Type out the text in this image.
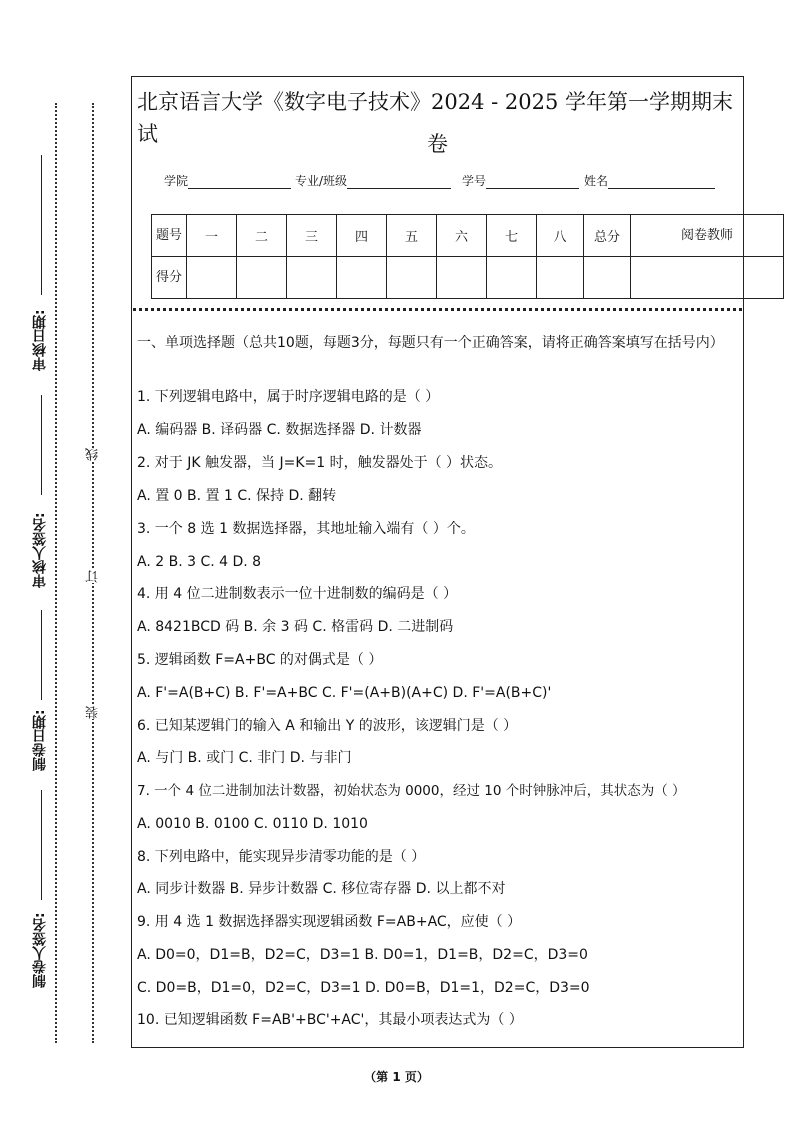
审核日期:
审核人签名:
制卷日期:
制卷人签名:
线
订
装
北京语言大学《数字电子技术》2024 - 2025 学年第一学期期末试	卷
学院	专业/班级	学号	姓名
题号	一	二	三	四	五	六	七	八	总分	阅卷教师
得分										
一、单项选择题（总共10题，每题3分，每题只有一个正确答案，请将正确答案填写在括号内）
1. 下列逻辑电路中，属于时序逻辑电路的是（ ）
A. 编码器 B. 译码器 C. 数据选择器 D. 计数器
2. 对于 JK 触发器，当 J=K=1 时，触发器处于（ ）状态。
A. 置 0 B. 置 1 C. 保持 D. 翻转
3. 一个 8 选 1 数据选择器，其地址输入端有（ ）个。
A. 2 B. 3 C. 4 D. 8
4. 用 4 位二进制数表示一位十进制数的编码是（ ）
A. 8421BCD 码 B. 余 3 码 C. 格雷码 D. 二进制码
5. 逻辑函数 F=A+BC 的对偶式是（ ）
A. F'=A(B+C) B. F'=A+BC C. F'=(A+B)(A+C) D. F'=A(B+C)'
6. 已知某逻辑门的输入 A 和输出 Y 的波形，该逻辑门是（ ）
A. 与门 B. 或门 C. 非门 D. 与非门
7. 一个 4 位二进制加法计数器，初始状态为 0000，经过 10 个时钟脉冲后，其状态为（ ）
A. 0010 B. 0100 C. 0110 D. 1010
8. 下列电路中，能实现异步清零功能的是（ ）
A. 同步计数器 B. 异步计数器 C. 移位寄存器 D. 以上都不对
9. 用 4 选 1 数据选择器实现逻辑函数 F=AB+AC，应使（ ）
A. D0=0，D1=B，D2=C，D3=1 B. D0=1，D1=B，D2=C，D3=0
C. D0=B，D1=0，D2=C，D3=1 D. D0=B，D1=1，D2=C，D3=0
10. 已知逻辑函数 F=AB'+BC'+AC'，其最小项表达式为（ ）
（第 1 页）
